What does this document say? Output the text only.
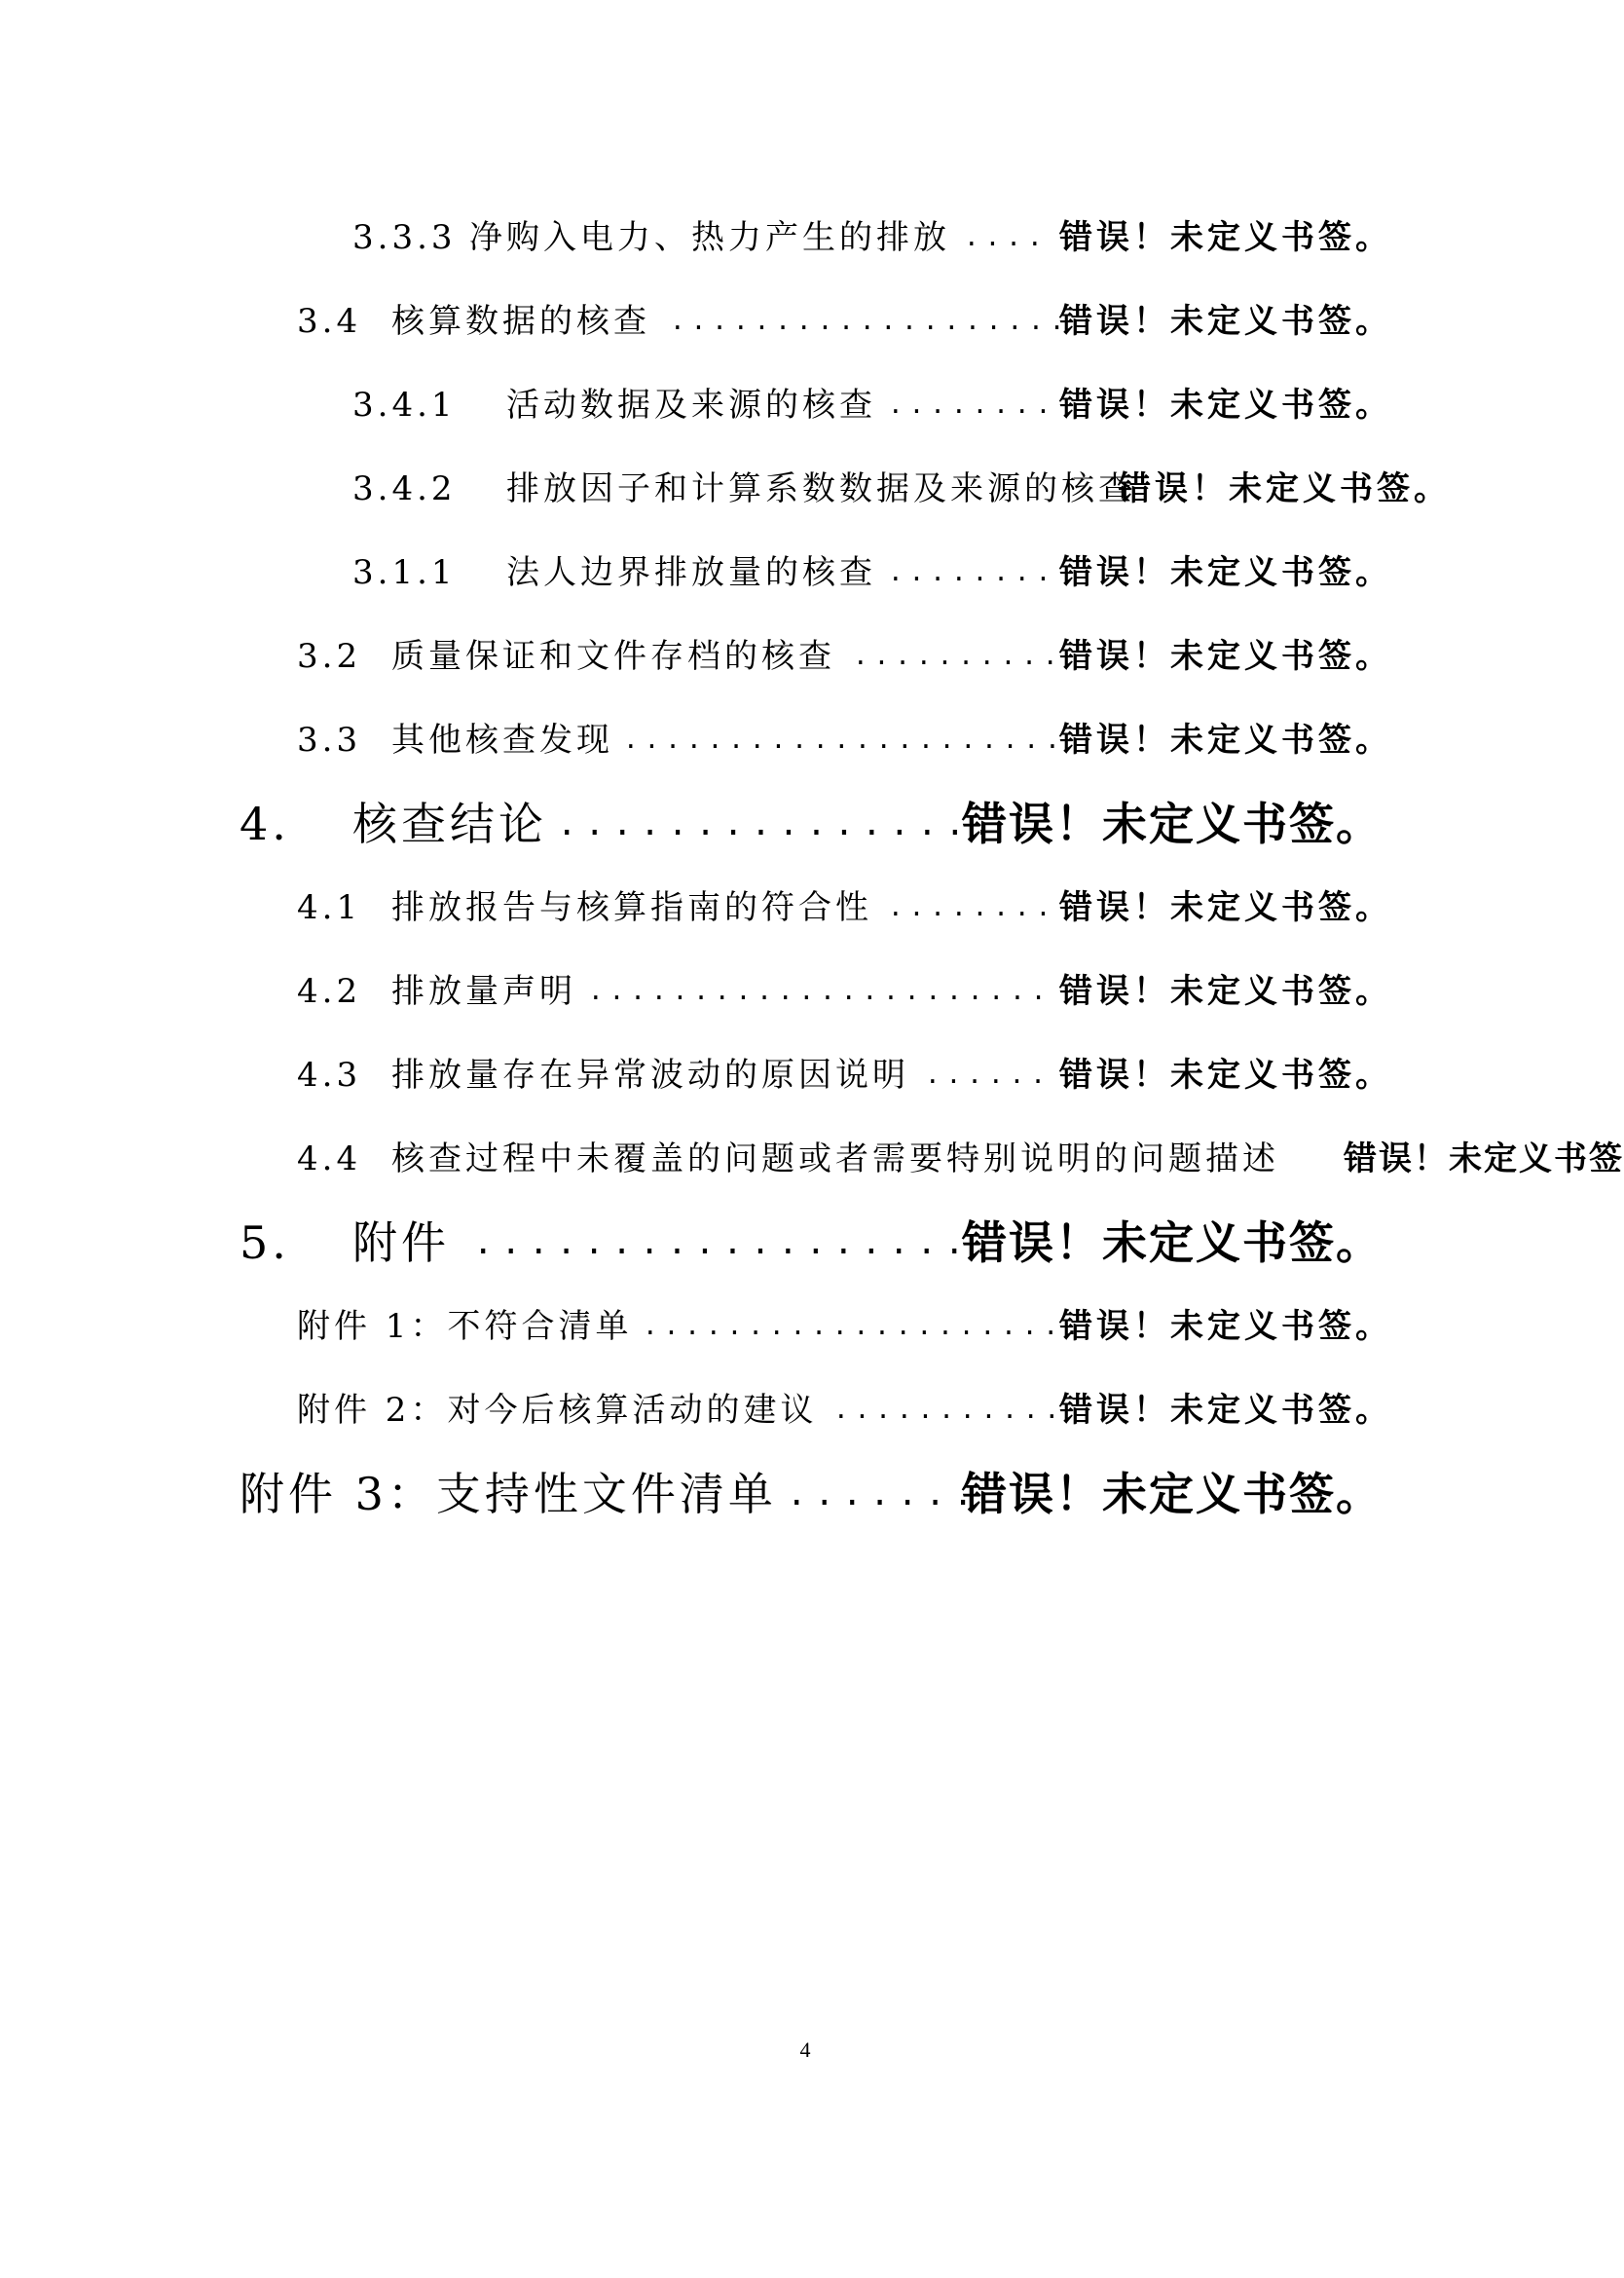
3.3.3 净购入电力、热力产生的排放 .... 错误！未定义书签。
3.4 核算数据的核查 ...................
错误！未定义书签。
3.4.1 活动数据及来源的核查 ........ 错误！未定义书签。
3.4.2 排放因子和计算系数数据及来源的核查
错误！未定义书签。
3.1.1 法人边界排放量的核查 ........ 错误！未定义书签。
3.2 质量保证和文件存档的核查 ..........
错误！未定义书签。
3.3 其他核查发现 .....................
错误！未定义书签。
4. 核查结论 ................
错误！未定义书签。
4.1 排放报告与核算指南的符合性 ........ 错误！未定义书签。
4.2 排放量声明 ...................... 错误！未定义书签。
4.3 排放量存在异常波动的原因说明 ...... 错误！未定义书签。
4.4 核查过程中未覆盖的问题或者需要特别说明的问题描述 错误！未定义书签
5. 附件 ...................
错误！未定义书签。
附件 1：不符合清单 .....................
错误！未定义书签。
附件 2：对今后核算活动的建议 ...........
错误！未定义书签。
附件 3：支持性文件清单 .......
错误！未定义书签。
4
